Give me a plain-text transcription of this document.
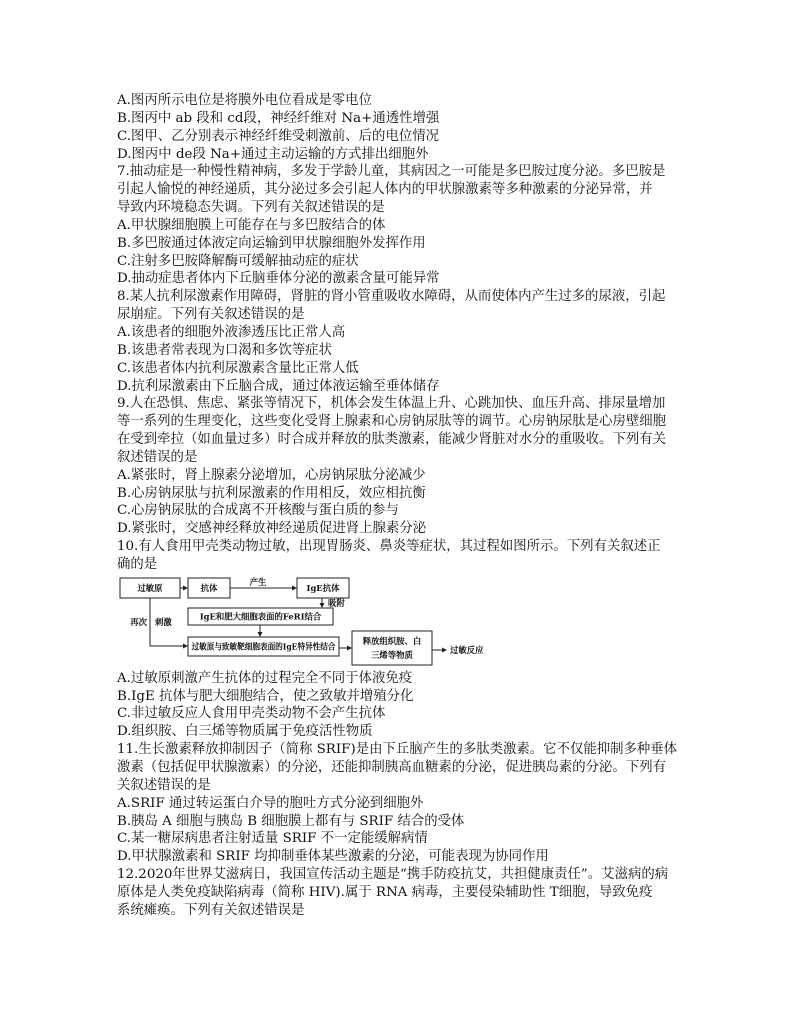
A.图丙所示电位是将膜外电位看成是零电位
B.图丙中 ab 段和 cd段，神经纤维对 Na+通透性增强
C.图甲、乙分别表示神经纤维受刺激前、后的电位情况
D.图丙中 de段 Na+通过主动运输的方式排出细胞外
7.抽动症是一种慢性精神病，多发于学龄儿童，其病因之一可能是多巴胺过度分泌。多巴胺是
引起人愉悦的神经递质，其分泌过多会引起人体内的甲状腺激素等多种激素的分泌异常，并
导致内环境稳态失调。下列有关叙述错误的是
A.甲状腺细胞膜上可能存在与多巴胺结合的体
B.多巴胺通过体液定向运输到甲状腺细胞外发挥作用
C.注射多巴胺降解酶可缓解抽动症的症状
D.抽动症患者体内下丘脑垂体分泌的激素含量可能异常
8.某人抗利尿激素作用障碍，肾脏的肾小管重吸收水障碍，从而使体内产生过多的尿液，引起
尿崩症。下列有关叙述错误的是
A.该患者的细胞外液渗透压比正常人高
B.该患者常表现为口渴和多饮等症状
C.该患者体内抗利尿激素含量比正常人低
D.抗利尿激素由下丘脑合成，通过体液运输至垂体储存
9.人在恐惧、焦虑、紧张等情况下，机体会发生体温上升、心跳加快、血压升高、排尿量增加
等一系列的生理变化，这些变化受肾上腺素和心房钠尿肽等的调节。心房钠尿肽是心房壁细胞
在受到牵拉（如血量过多）时合成并释放的肽类激素，能减少肾脏对水分的重吸收。下列有关
叙述错误的是
A.紧张时，肾上腺素分泌增加，心房钠尿肽分泌减少
B.心房钠尿肽与抗利尿激素的作用相反，效应相抗衡
C.心房钠尿肽的合成离不开核酸与蛋白质的参与
D.紧张时，交感神经释放神经递质促进肾上腺素分泌
10.有人食用甲壳类动物过敏，出现胃肠炎、鼻炎等症状，其过程如图所示。下列有关叙述正
确的是
过敏原	抗体
产生
IgE抗体
吸附
IgE和肥大细胞表面的FeRI结合
再次 刺激
过敏原与致敏靶细胞表面的IgE特异性结合
释放组织胺、白
三烯等物质	过敏反应
A.过敏原刺激产生抗体的过程完全不同于体液免疫
B.IgE 抗体与肥大细胞结合，使之致敏并增殖分化
C.非过敏反应人食用甲壳类动物不会产生抗体
D.组织胺、白三烯等物质属于免疫活性物质
11.生长激素释放抑制因子（简称 SRIF)是由下丘脑产生的多肽类激素。它不仅能抑制多种垂体
激素（包括促甲状腺激素）的分泌，还能抑制胰高血糖素的分泌，促进胰岛素的分泌。下列有
关叙述错误的是
A.SRIF 通过转运蛋白介导的胞吐方式分泌到细胞外
B.胰岛 A 细胞与胰岛 B 细胞膜上都有与 SRIF 结合的受体
C.某一糖尿病患者注射适量 SRIF 不一定能缓解病情
D.甲状腺激素和 SRIF 均抑制垂体某些激素的分泌，可能表现为协同作用
12.2020年世界艾滋病日，我国宣传活动主题是“携手防疫抗艾，共担健康责任”。艾滋病的病
原体是人类免疫缺陷病毒（简称 HIV).属于 RNA 病毒，主要侵染辅助性 T细胞，导致免疫
系统瘫痪。下列有关叙述错误是
